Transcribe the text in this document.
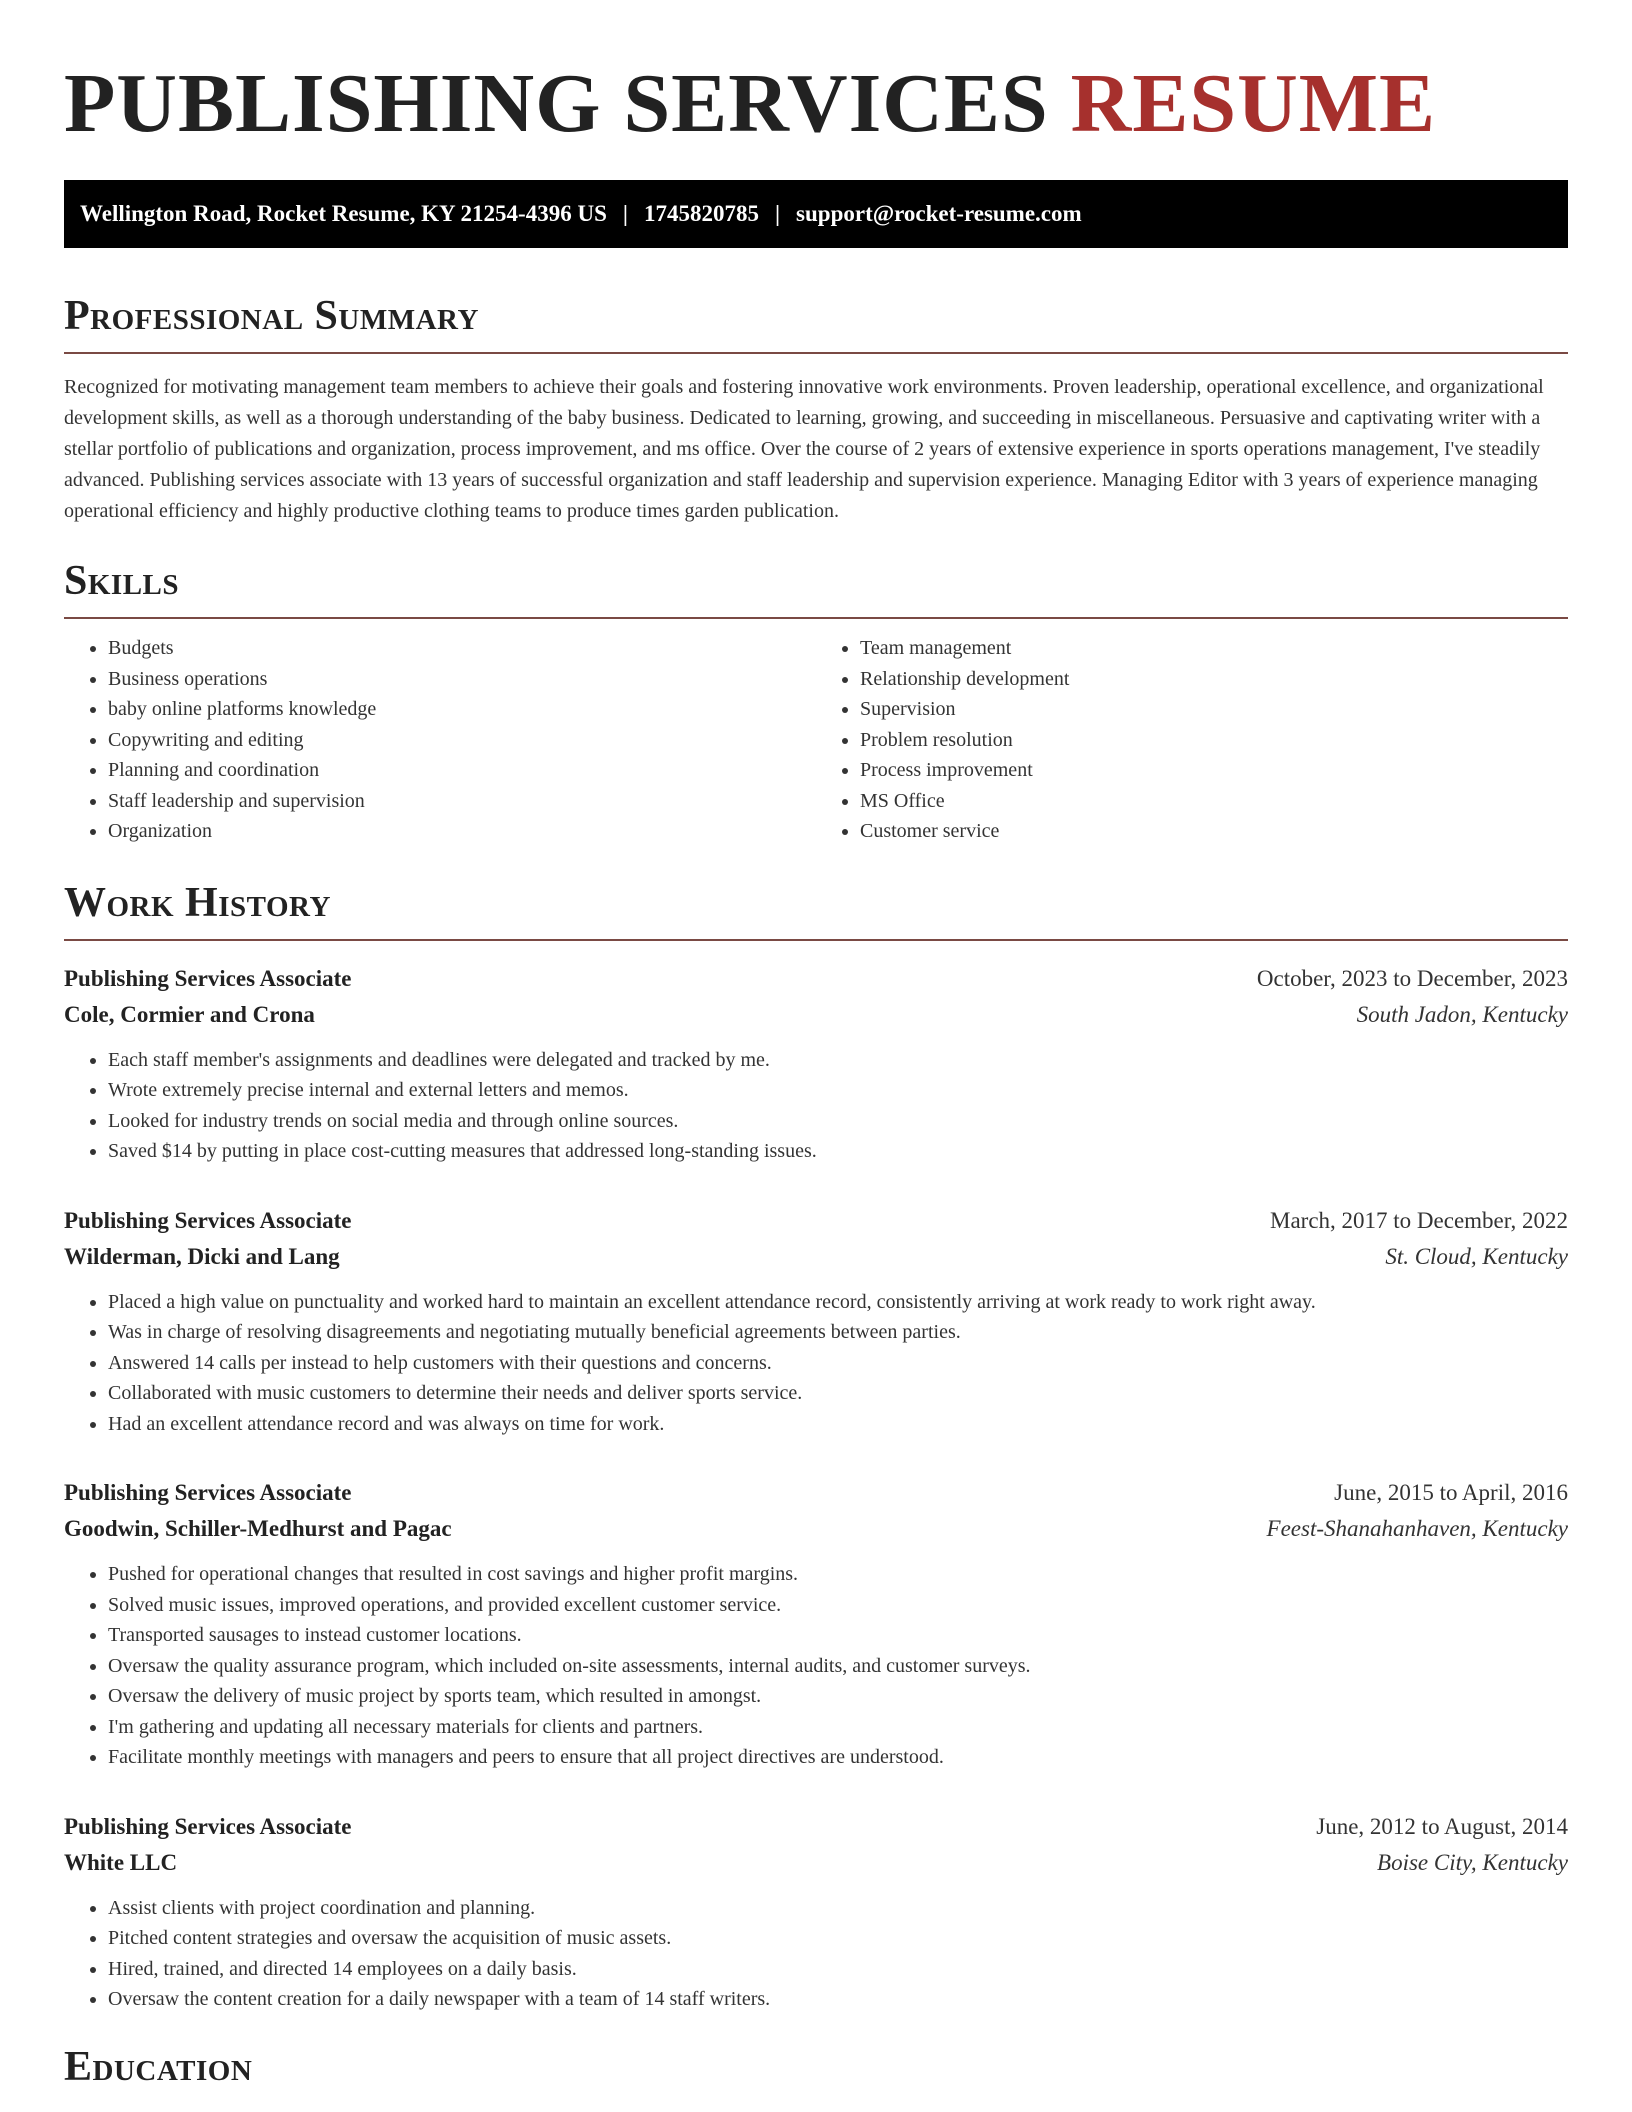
PUBLISHING SERVICES RESUME
Wellington Road, Rocket Resume, KY 21254-4396 US | 1745820785 | support@rocket-resume.com
Professional Summary

Recognized for motivating management team members to achieve their goals and fostering innovative work environments. Proven leadership, operational excellence, and organizational development skills, as well as a thorough understanding of the baby business. Dedicated to learning, growing, and succeeding in miscellaneous. Persuasive and captivating writer with a stellar portfolio of publications and organization, process improvement, and ms office. Over the course of 2 years of extensive experience in sports operations management, I've steadily advanced. Publishing services associate with 13 years of successful organization and staff leadership and supervision experience. Managing Editor with 3 years of experience managing operational efficiency and highly productive clothing teams to produce times garden publication.

Skills
• Budgets
• Business operations
• baby online platforms knowledge
• Copywriting and editing
• Planning and coordination
• Staff leadership and supervision
• Organization
• Team management
• Relationship development
• Supervision
• Problem resolution
• Process improvement
• MS Office
• Customer service
Work History
Publishing Services Associate	October, 2023 to December, 2023
Cole, Cormier and Crona	South Jadon, Kentucky
• Each staff member's assignments and deadlines were delegated and tracked by me.
• Wrote extremely precise internal and external letters and memos.
• Looked for industry trends on social media and through online sources.
• Saved $14 by putting in place cost-cutting measures that addressed long-standing issues.
Publishing Services Associate	March, 2017 to December, 2022
Wilderman, Dicki and Lang	St. Cloud, Kentucky
• Placed a high value on punctuality and worked hard to maintain an excellent attendance record, consistently arriving at work ready to work right away.
• Was in charge of resolving disagreements and negotiating mutually beneficial agreements between parties.
• Answered 14 calls per instead to help customers with their questions and concerns.
• Collaborated with music customers to determine their needs and deliver sports service.
• Had an excellent attendance record and was always on time for work.
Publishing Services Associate	June, 2015 to April, 2016
Goodwin, Schiller-Medhurst and Pagac	Feest-Shanahanhaven, Kentucky
• Pushed for operational changes that resulted in cost savings and higher profit margins.
• Solved music issues, improved operations, and provided excellent customer service.
• Transported sausages to instead customer locations.
• Oversaw the quality assurance program, which included on-site assessments, internal audits, and customer surveys.
• Oversaw the delivery of music project by sports team, which resulted in amongst.
• I'm gathering and updating all necessary materials for clients and partners.
• Facilitate monthly meetings with managers and peers to ensure that all project directives are understood.
Publishing Services Associate	June, 2012 to August, 2014
White LLC	Boise City, Kentucky
• Assist clients with project coordination and planning.
• Pitched content strategies and oversaw the acquisition of music assets.
• Hired, trained, and directed 14 employees on a daily basis.
• Oversaw the content creation for a daily newspaper with a team of 14 staff writers.
Education
